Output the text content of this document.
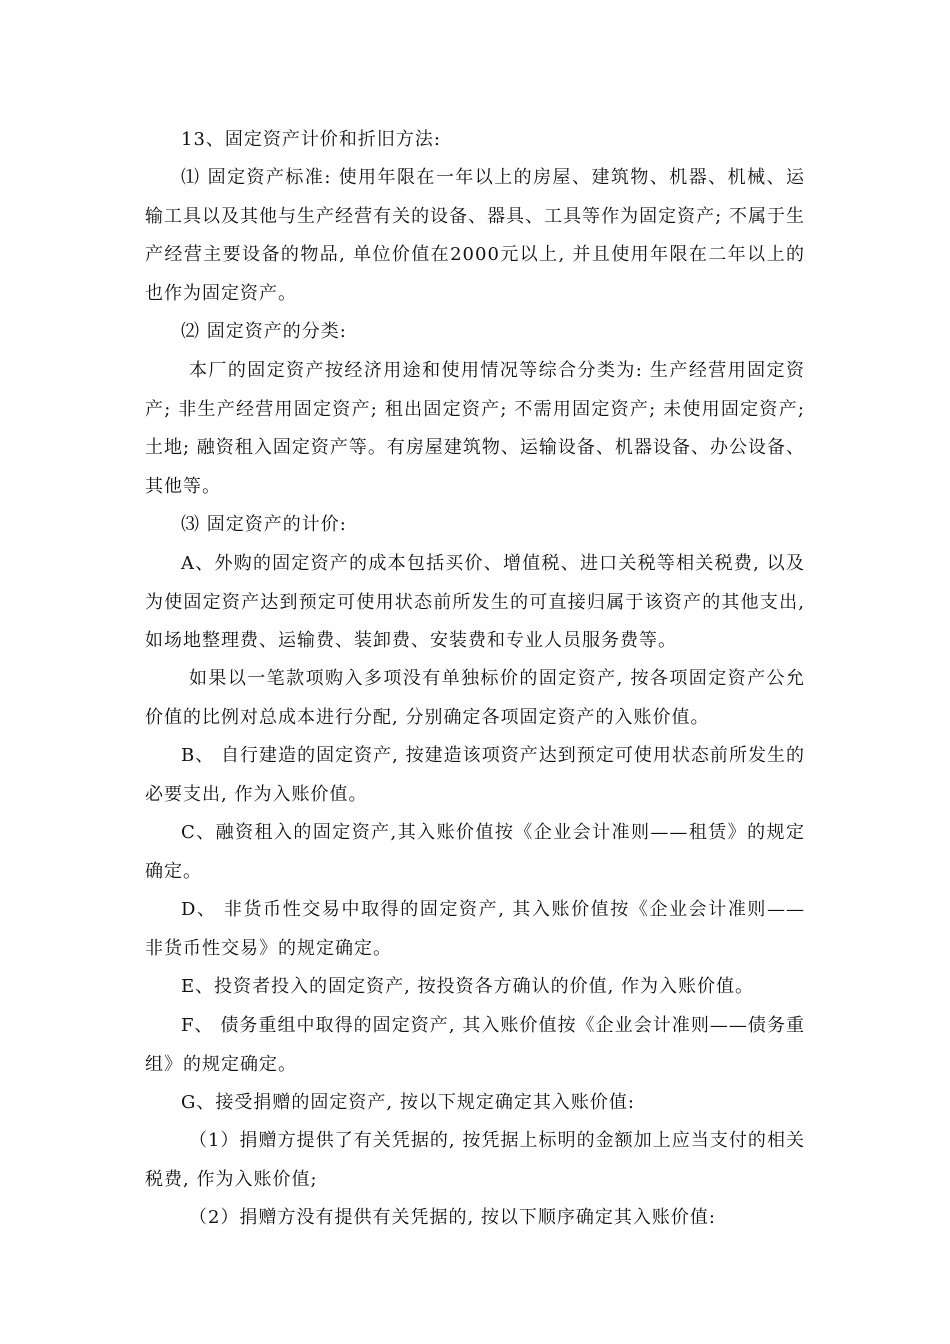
13、固定资产计价和折旧方法:

⑴ 固定资产标准: 使用年限在一年以上的房屋、建筑物、机器、机械、运输工具以及其他与生产经营有关的设备、器具、工具等作为固定资产; 不属于生产经营主要设备的物品, 单位价值在2000元以上, 并且使用年限在二年以上的也作为固定资产。

⑵ 固定资产的分类:

本厂的固定资产按经济用途和使用情况等综合分类为: 生产经营用固定资产; 非生产经营用固定资产; 租出固定资产; 不需用固定资产; 未使用固定资产; 土地; 融资租入固定资产等。有房屋建筑物、运输设备、机器设备、办公设备、其他等。

⑶ 固定资产的计价:

A、外购的固定资产的成本包括买价、增值税、进口关税等相关税费, 以及为使固定资产达到预定可使用状态前所发生的可直接归属于该资产的其他支出, 如场地整理费、运输费、装卸费、安装费和专业人员服务费等。

如果以一笔款项购入多项没有单独标价的固定资产, 按各项固定资产公允价值的比例对总成本进行分配, 分别确定各项固定资产的入账价值。

B、 自行建造的固定资产, 按建造该项资产达到预定可使用状态前所发生的必要支出, 作为入账价值。

C、融资租入的固定资产,其入账价值按《企业会计准则——租赁》的规定确定。

D、 非货币性交易中取得的固定资产, 其入账价值按《企业会计准则——非货币性交易》的规定确定。

E、投资者投入的固定资产, 按投资各方确认的价值, 作为入账价值。

F、 债务重组中取得的固定资产, 其入账价值按《企业会计准则——债务重组》的规定确定。

G、接受捐赠的固定资产, 按以下规定确定其入账价值:

（1）捐赠方提供了有关凭据的, 按凭据上标明的金额加上应当支付的相关税费, 作为入账价值;

（2）捐赠方没有提供有关凭据的, 按以下顺序确定其入账价值:
